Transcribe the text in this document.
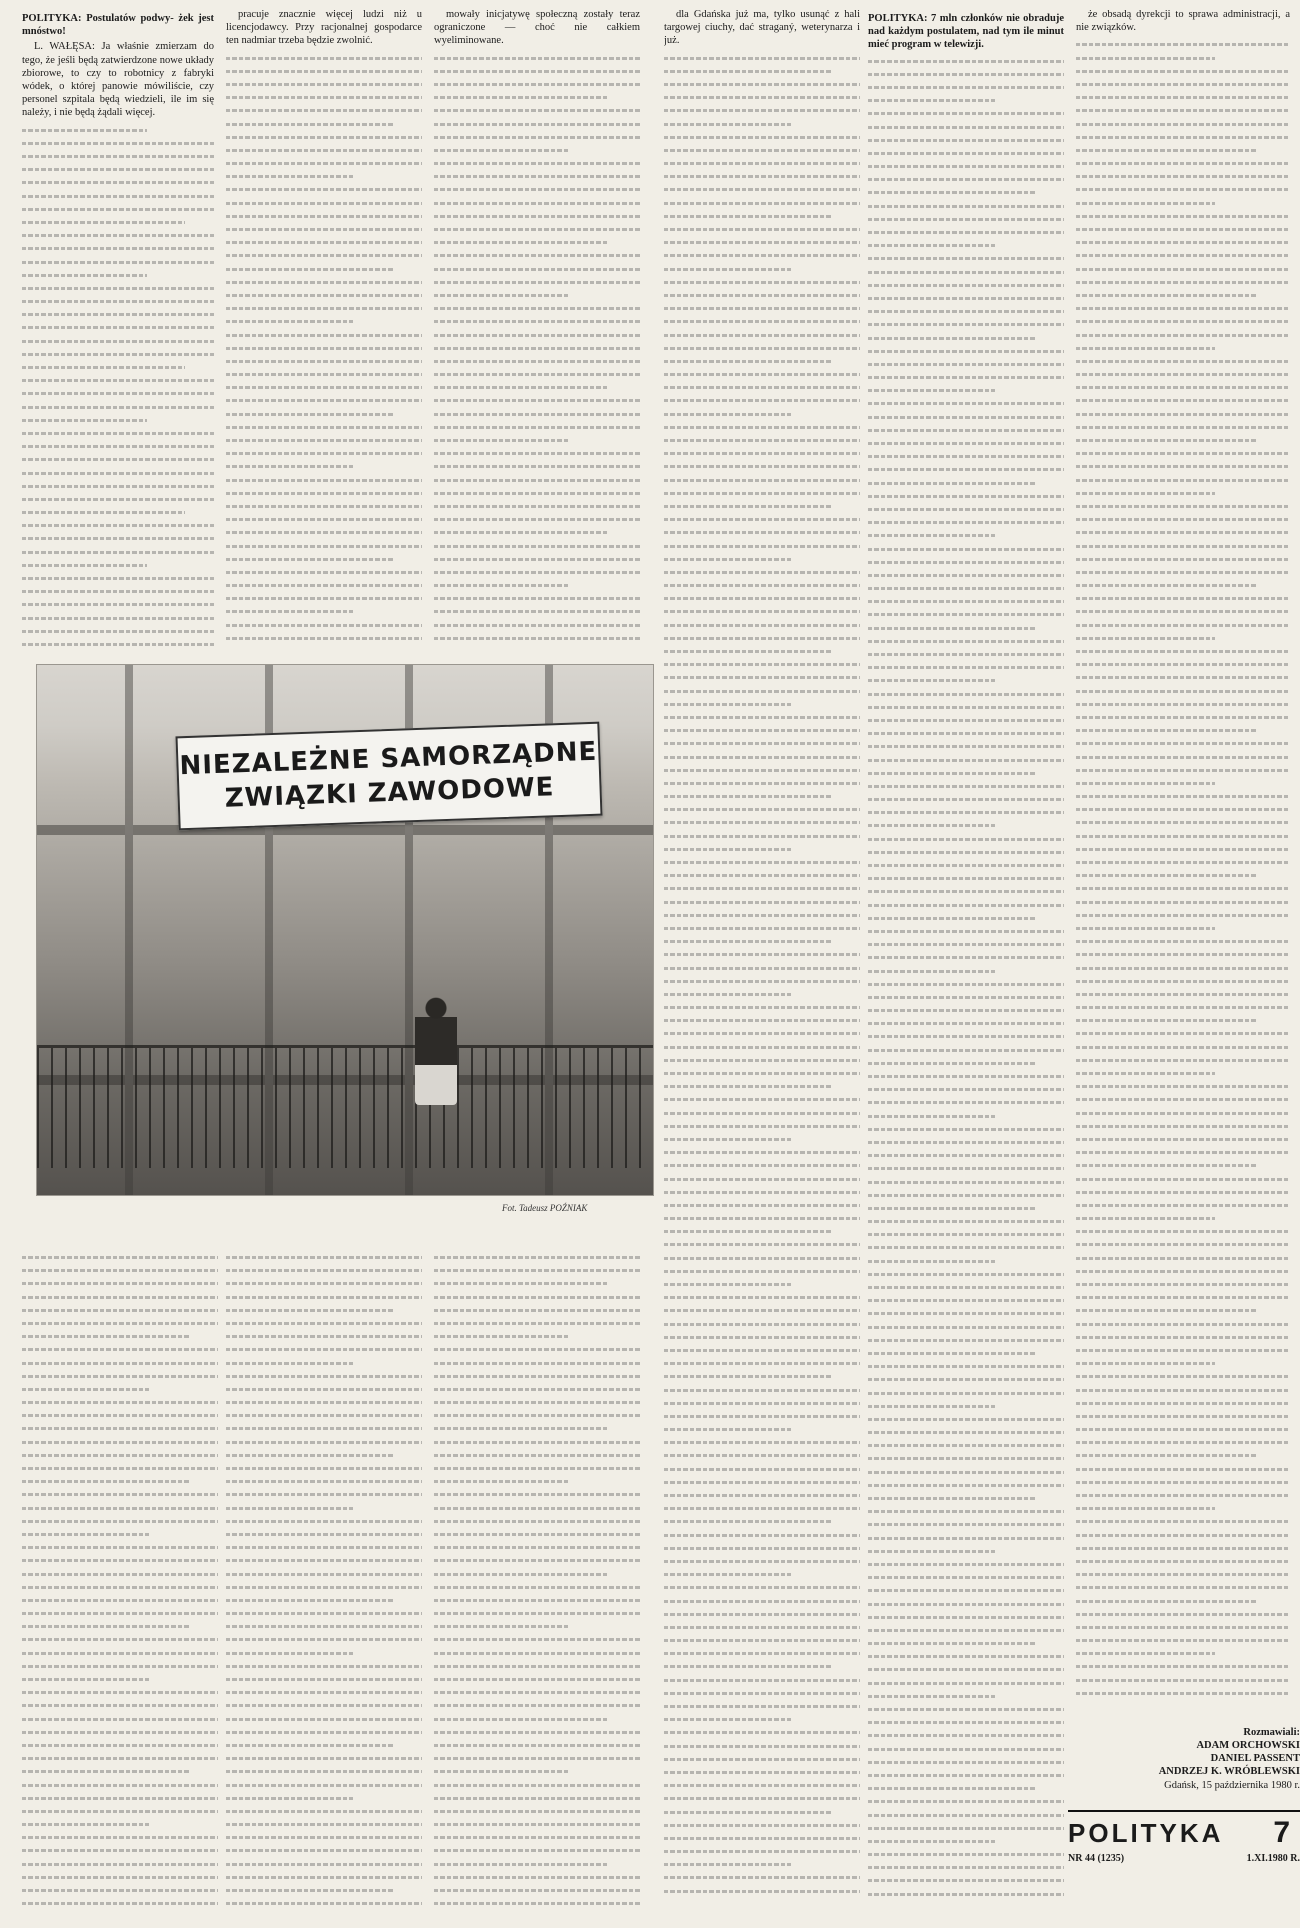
POLITYKA: Postulatów podwy- żek jest mnóstwo!
L. WAŁĘSA: Ja właśnie zmierzam do tego, że jeśli będą zatwierdzone nowe układy zbiorowe, to czy to robotnicy z fabryki wódek, o której panowie mówiliście, czy personel szpitala będą wiedzieli, ile im się należy, i nie będą żądali więcej.
pracuje znacznie więcej ludzi niż u licencjodawcy. Przy racjonalnej gospodarce ten nadmiar trzeba będzie zwolnić.
mowały inicjatywę społeczną zostały teraz ograniczone — choć nie całkiem wyeliminowane.
dla Gdańska już ma, tylko usunąć z hali targowej ciuchy, dać straganý, weterynarza i już.
POLITYKA: 7 mln członków nie obraduje nad każdym postulatem, nad tym ile minut mieć program w telewizji.
że obsadą dyrekcji to sprawa administracji, a nie związków.
NIEZALEŻNE SAMORZĄDNE
ZWIĄZKI ZAWODOWE
Fot. Tadeusz POŹNIAK
Rozmawiali:
ADAM ORCHOWSKI
DANIEL PASSENT
ANDRZEJ K. WRÓBLEWSKI
Gdańsk, 15 października 1980 r.
POLITYKA	7
NR 44 (1235)	1.XI.1980 R.
